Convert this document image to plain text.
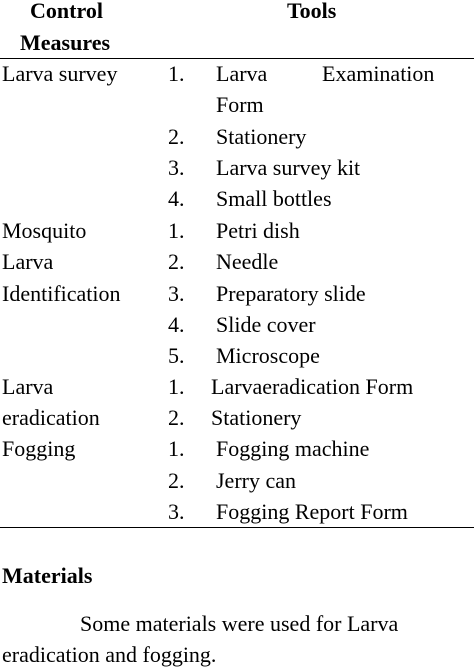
Control
Measures
Tools
Larva survey 1. Larva Examination
Form
2. Stationery
3. Larva survey kit
4. Small bottles
Mosquito
Larva
Identification
1. Petri dish
2. Needle
3. Preparatory slide
4. Slide cover
5. Microscope
Larva
eradication
1. Larvaeradication Form
2. Stationery
Fogging	1. Fogging machine
2. Jerry can
3. Fogging Report Form
Materials
Some materials were used for Larva
eradication and fogging.
